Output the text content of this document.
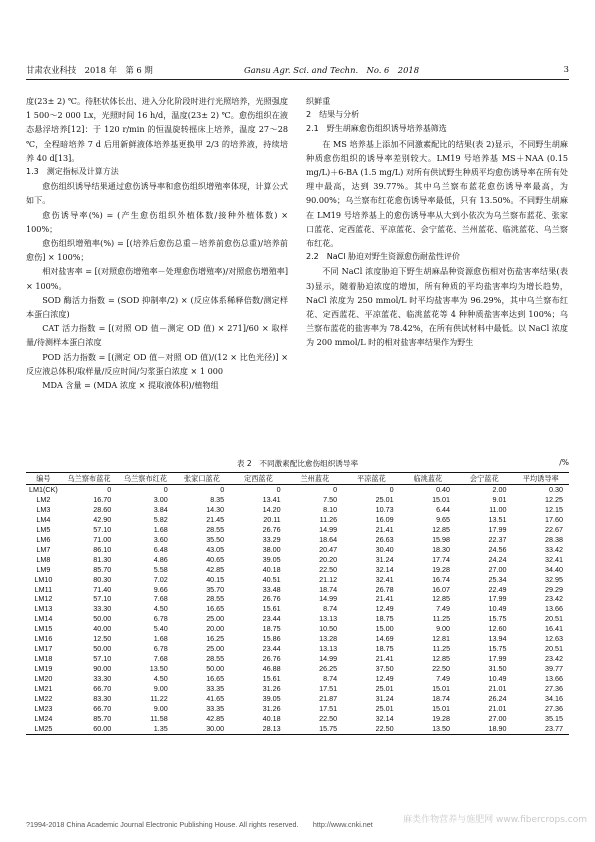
甘肃农业科技　2018 年　第 6 期	Gansu Agr. Sci. and Techn.　No. 6　2018	3

度(23± 2) ℃。待胚状体长出、进入分化阶段时进行光照培养，光照强度 1 500～2 000 Lx，光照时间 16 h/d，温度(23± 2) ℃。愈伤组织在液态悬浮培养[12]：于 120 r/min 的恒温旋转摇床上培养，温度 27～28 ℃，全程暗培养 7 d 后用新鲜液体培养基更换甲 2/3 的培养液，持续培养 40 d[13]。

1.3　测定指标及计算方法

愈伤组织诱导结果通过愈伤诱导率和愈伤组织增殖率体现，计算公式如下。

愈伤诱导率(%) = (产生愈伤组织外植体数/接种外植体数) × 100%；

愈伤组织增殖率(%) = [(培养后愈伤总重－培养前愈伤总重)/培养前愈伤] × 100%；

相对盐害率 = [(对照愈伤增殖率－处理愈伤增殖率)/对照愈伤增殖率] × 100%。

SOD 酶活力指数 = (SOD 抑制率/2) × (反应体系稀释倍数/测定样本蛋白浓度)

CAT 活力指数 = [(对照 OD 值－测定 OD 值) × 271]/60 × 取样量/待测样本蛋白浓度

POD 活力指数 = [(测定 OD 值－对照 OD 值)/(12 × 比色光径)] × 反应液总体积/取样量/反应时间/匀浆蛋白浓度 × 1 000

MDA 含量 = (MDA 浓度 × 提取液体积)/植物组

织鲜重

2　结果与分析

2.1　野生胡麻愈伤组织诱导培养基筛选

在 MS 培养基上添加不同激素配比的结果(表 2)显示，不同野生胡麻种质愈伤组织的诱导率差别较大。LM19 号培养基 MS＋NAA (0.15 mg/L)＋6-BA (1.5 mg/L) 对所有供试野生种质平均愈伤诱导率在所有处理中最高，达到 39.77%。其中乌兰察布蓝花愈伤诱导率最高，为 90.00%；乌兰察布红花愈伤诱导率最低，只有 13.50%。不同野生胡麻在 LM19 号培养基上的愈伤诱导率从大到小依次为乌兰察布蓝花、张家口蓝花、定西蓝花、平凉蓝花、会宁蓝花、兰州蓝花、临洮蓝花、乌兰察布红花。

2.2　NaCl 胁迫对野生资源愈伤耐盐性评价

不同 NaCl 浓度胁迫下野生胡麻品种资源愈伤相对伤盐害率结果(表 3)显示，随着胁迫浓度的增加，所有种质的平均盐害率均为增长趋势，NaCl 浓度为 250 mmol/L 时平均盐害率为 96.29%，其中乌兰察布红花、定西蓝花、平凉蓝花、临洮蓝花等 4 种种质盐害率达到 100%；乌兰察布蓝花的盐害率为 78.42%，在所有供试材料中最低。以 NaCl 浓度为 200 mmol/L 时的相对盐害率结果作为野生

表 2　不同激素配比愈伤组织诱导率	/%
编号	乌兰察布蓝花	乌兰察布红花	张家口蓝花	定西蓝花	兰州蓝花	平凉蓝花	临洮蓝花	会宁蓝花	平均诱导率
LM1(CK)	0	0	0	0	0	0	0.40	2.00	0.30
LM2	16.70	3.00	8.35	13.41	7.50	25.01	15.01	9.01	12.25
LM3	28.60	3.84	14.30	14.20	8.10	10.73	6.44	11.00	12.15
LM4	42.90	5.82	21.45	20.11	11.26	16.09	9.65	13.51	17.60
LM5	57.10	1.68	28.55	26.76	14.99	21.41	12.85	17.99	22.67
LM6	71.00	3.60	35.50	33.29	18.64	26.63	15.98	22.37	28.38
LM7	86.10	6.48	43.05	38.00	20.47	30.40	18.30	24.56	33.42
LM8	81.30	4.86	40.65	39.05	20.20	31.24	17.74	24.24	32.41
LM9	85.70	5.58	42.85	40.18	22.50	32.14	19.28	27.00	34.40
LM10	80.30	7.02	40.15	40.51	21.12	32.41	16.74	25.34	32.95
LM11	71.40	9.66	35.70	33.48	18.74	26.78	16.07	22.49	29.29
LM12	57.10	7.68	28.55	26.76	14.99	21.41	12.85	17.99	23.42
LM13	33.30	4.50	16.65	15.61	8.74	12.49	7.49	10.49	13.66
LM14	50.00	6.78	25.00	23.44	13.13	18.75	11.25	15.75	20.51
LM15	40.00	5.40	20.00	18.75	10.50	15.00	9.00	12.60	16.41
LM16	12.50	1.68	16.25	15.86	13.28	14.69	12.81	13.94	12.63
LM17	50.00	6.78	25.00	23.44	13.13	18.75	11.25	15.75	20.51
LM18	57.10	7.68	28.55	26.76	14.99	21.41	12.85	17.99	23.42
LM19	90.00	13.50	50.00	46.88	26.25	37.50	22.50	31.50	39.77
LM20	33.30	4.50	16.65	15.61	8.74	12.49	7.49	10.49	13.66
LM21	66.70	9.00	33.35	31.26	17.51	25.01	15.01	21.01	27.36
LM22	83.30	11.22	41.65	39.05	21.87	31.24	18.74	26.24	34.16
LM23	66.70	9.00	33.35	31.26	17.51	25.01	15.01	21.01	27.36
LM24	85.70	11.58	42.85	40.18	22.50	32.14	19.28	27.00	35.15
LM25	60.00	1.35	30.00	28.13	15.75	22.50	13.50	18.90	23.77
?1994-2018 China Academic Journal Electronic Publishing House. All rights reserved.　　http://www.cnki.net	麻类作物营养与施肥网 www.fibercrops.com
